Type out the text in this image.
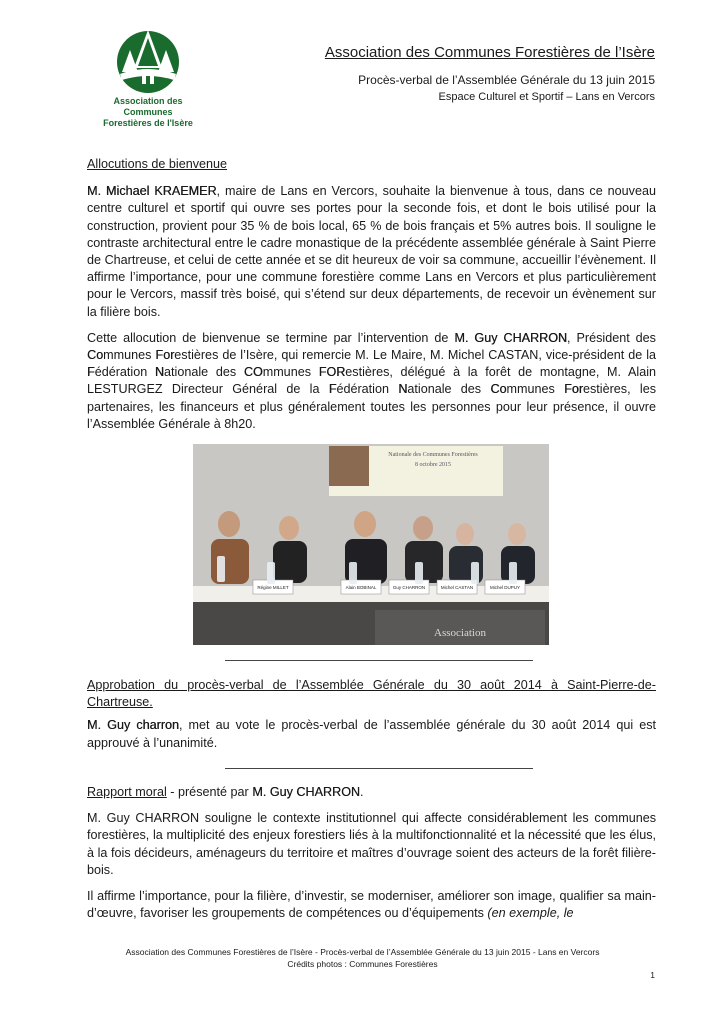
Association des Communes
Forestières de l'Isère
Association des Communes Forestières de l’Isère
Procès-verbal de l’Assemblée Générale du 13 juin 2015
Espace Culturel et Sportif – Lans en Vercors

Allocutions de bienvenue

M. Michael KRAEMER, maire de Lans en Vercors, souhaite la bienvenue à tous, dans ce nouveau centre culturel et sportif qui ouvre ses portes pour la seconde fois, et dont le bois utilisé pour la construction, provient pour 35 % de bois local, 65 % de bois français et 5% autres bois. Il souligne le contraste architectural entre le cadre monastique de la précédente assemblée générale à Saint Pierre de Chartreuse, et celui de cette année et se dit heureux de voir sa commune, accueillir l’évènement. Il affirme l’importance, pour une commune forestière comme Lans en Vercors et plus particulièrement pour le Vercors, massif très boisé, qui s’étend sur deux départements, de recevoir un évènement sur la filière bois.

Cette allocution de bienvenue se termine par l’intervention de M. Guy CHARRON, Président des Communes Forestières de l’Isère, qui remercie M. Le Maire, M. Michel CASTAN, vice-président de la Fédération Nationale des COmmunes FORestières, délégué à la forêt de montagne, M. Alain LESTURGEZ Directeur Général de la Fédération Nationale des Communes Forestières, les partenaires, les financeurs et plus généralement toutes les personnes pour leur présence, il ouvre l’Assemblée Générale à 8h20.

Nationale des Communes Forestières
8 octobre 2015
Régine MILLET	Alain BOBINAL	Guy CHARRON	Michel CASTAN	Michel DUPUY
Association

Approbation du procès-verbal de l’Assemblée Générale du 30 août 2014 à Saint-Pierre-de-Chartreuse.

M. Guy charron, met au vote le procès-verbal de l’assemblée générale du 30 août 2014 qui est approuvé à l’unanimité.

Rapport moral - présenté par M. Guy CHARRON.

M. Guy CHARRON souligne le contexte institutionnel qui affecte considérablement les communes forestières, la multiplicité des enjeux forestiers liés à la multifonctionnalité et la nécessité que les élus, à la fois décideurs, aménageurs du territoire et maîtres d’ouvrage soient des acteurs de la forêt filière-bois.

Il affirme l’importance, pour la filière, d’investir, se moderniser, améliorer son image, qualifier sa main-d’œuvre, favoriser les groupements de compétences ou d’équipements (en exemple, le

Association des Communes Forestières de l’Isère - Procès-verbal de l’Assemblée Générale du 13 juin 2015 - Lans en Vercors
Crédits photos : Communes Forestières
1
